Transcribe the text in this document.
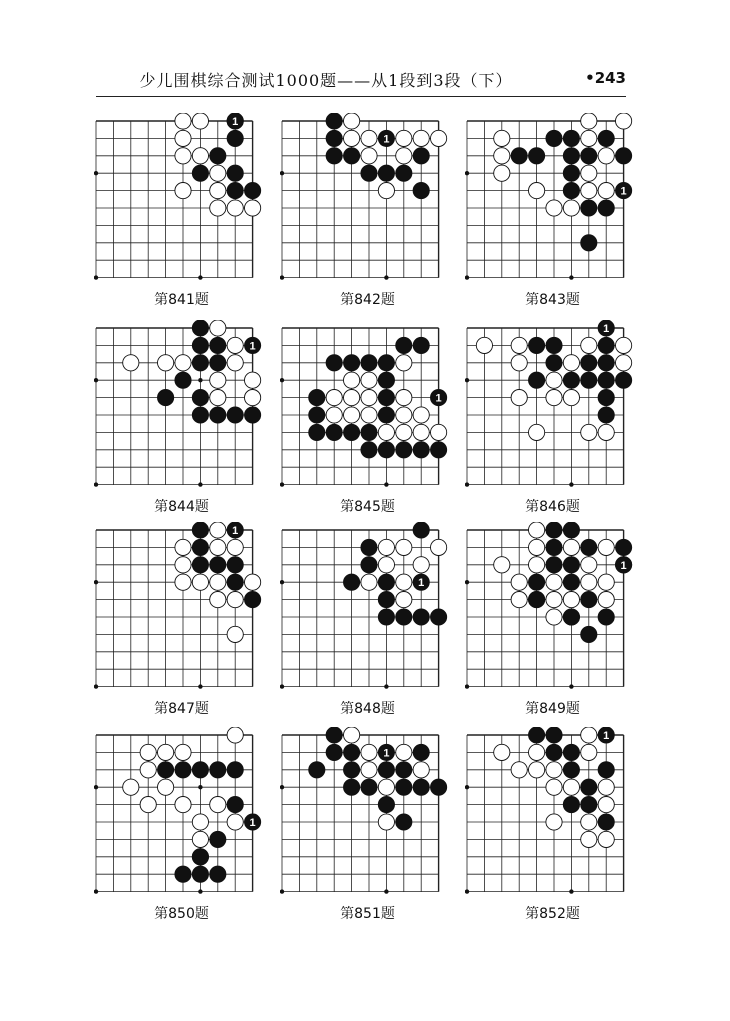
少儿围棋综合测试1000题——从1段到3段（下）	•243
1
第841题
1
第842题
1
第843题
1
第844题
1
第845题
1
第846题
1
第847题
1
第848题
1
第849题
1
第850题
1
第851题
1
第852题
